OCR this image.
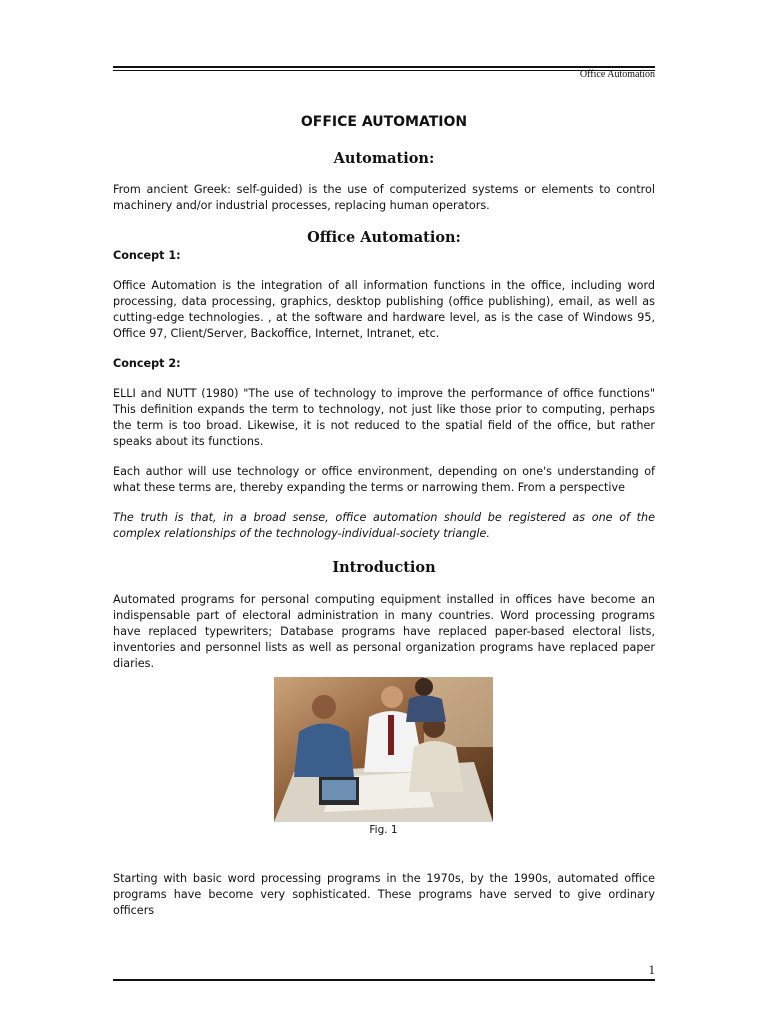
Office Automation
OFFICE AUTOMATION
Automation:

From ancient Greek: self-guided) is the use of computerized systems or elements to control machinery and/or industrial processes, replacing human operators.

Office Automation:
Concept 1:

Office Automation is the integration of all information functions in the office, including word processing, data processing, graphics, desktop publishing (office publishing), email, as well as cutting-edge technologies. , at the software and hardware level, as is the case of Windows 95, Office 97, Client/Server, Backoffice, Internet, Intranet, etc.

Concept 2:

ELLI and NUTT (1980) "The use of technology to improve the performance of office functions" This definition expands the term to technology, not just like those prior to computing, perhaps the term is too broad. Likewise, it is not reduced to the spatial field of the office, but rather speaks about its functions.

Each author will use technology or office environment, depending on one's understanding of what these terms are, thereby expanding the terms or narrowing them. From a perspective

The truth is that, in a broad sense, office automation should be registered as one of the complex relationships of the technology-individual-society triangle.

Introduction

Automated programs for personal computing equipment installed in offices have become an indispensable part of electoral administration in many countries. Word processing programs have replaced typewriters; Database programs have replaced paper-based electoral lists, inventories and personnel lists as well as personal organization programs have replaced paper diaries.

Fig. 1

Starting with basic word processing programs in the 1970s, by the 1990s, automated office programs have become very sophisticated. These programs have served to give ordinary officers

1
